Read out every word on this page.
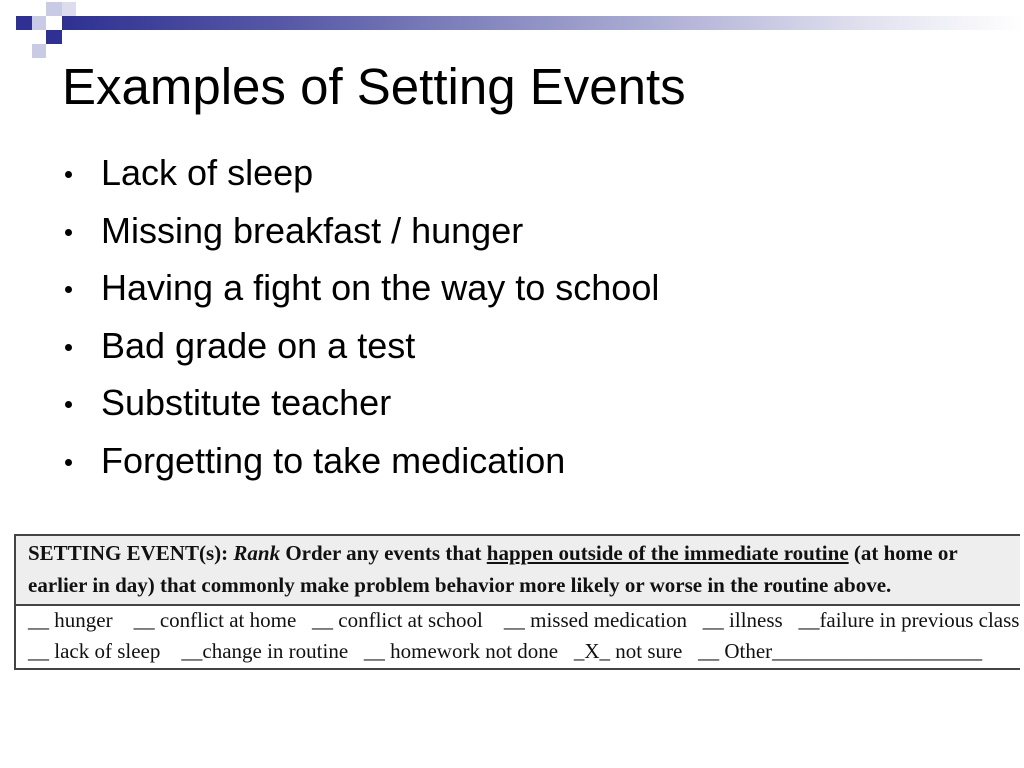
Examples of Setting Events
Lack of sleep
Missing breakfast / hunger
Having a fight on the way to school
Bad grade on a test
Substitute teacher
Forgetting to take medication
SETTING EVENT(s): Rank Order any events that happen outside of the immediate routine (at home or
earlier in day) that commonly make problem behavior more likely or worse in the routine above.
__ hunger    __ conflict at home   __ conflict at school    __ missed medication   __ illness   __failure in previous class
__ lack of sleep    __change in routine   __ homework not done   _X_ not sure   __ Other____________________
